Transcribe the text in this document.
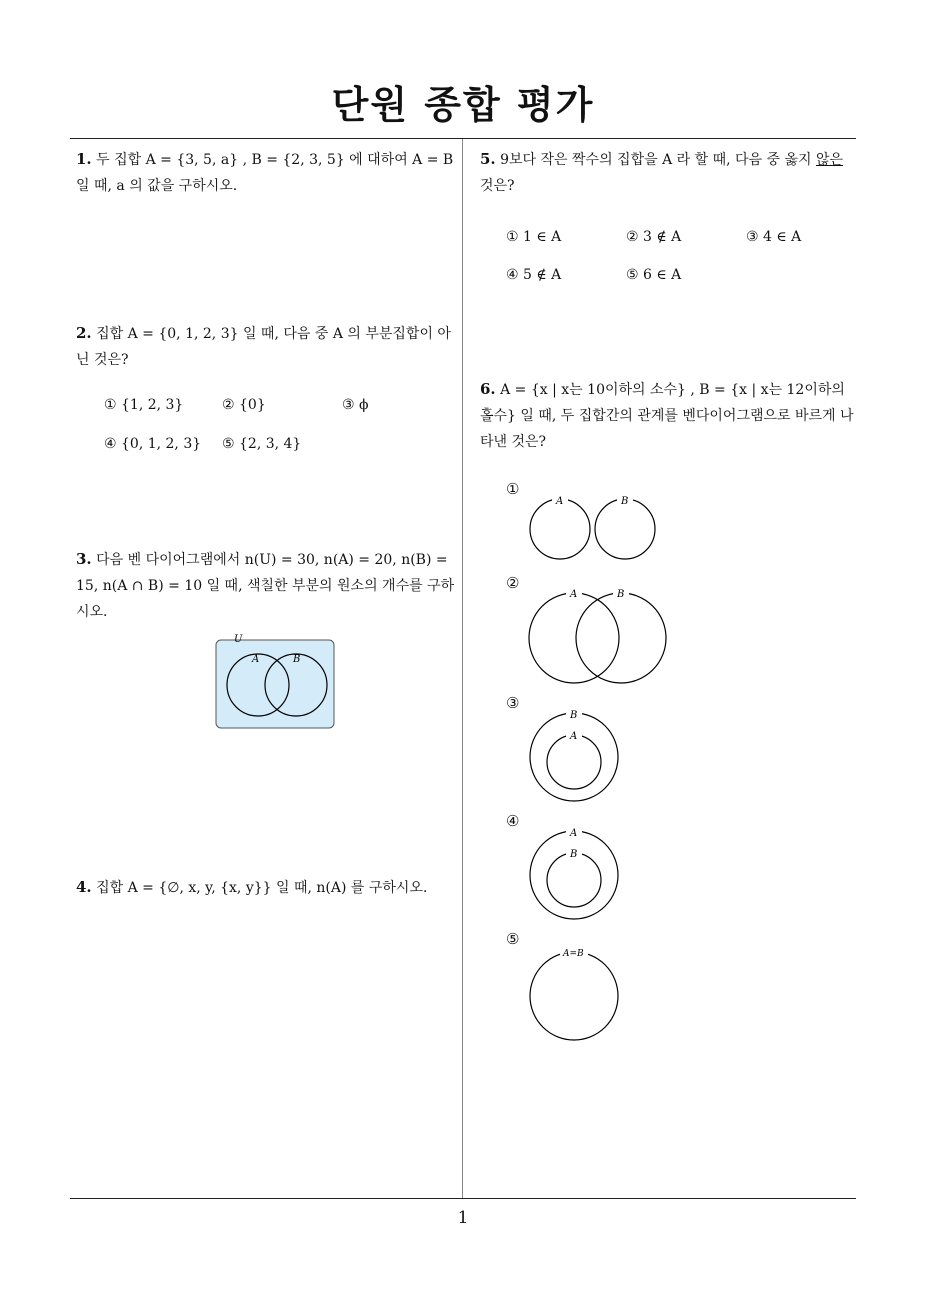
단원 종합 평가
1. 두 집합 A = {3, 5, a} , B = {2, 3, 5} 에 대하여 A = B 일 때, a 의 값을 구하시오.
2. 집합 A = {0, 1, 2, 3} 일 때, 다음 중 A 의 부분집합이 아닌 것은?
① {1, 2, 3}	② {0}	③ ϕ
④ {0, 1, 2, 3} ⑤ {2, 3, 4}
3. 다음 벤 다이어그램에서 n(U) = 30, n(A) = 20, n(B) = 15, n(A ∩ B) = 10 일 때, 색칠한 부분의 원소의 개수를 구하시오.
U
A	B
4. 집합 A = {∅, x, y, {x, y}} 일 때, n(A) 를 구하시오.
5. 9보다 작은 짝수의 집합을 A 라 할 때, 다음 중 옳지 않은 것은?
① 1 ∈ A	② 3 ∉ A	③ 4 ∈ A
④ 5 ∉ A	⑤ 6 ∈ A
6. A = {x | x는 10이하의 소수} , B = {x | x는 12이하의 홀수} 일 때, 두 집합간의 관계를 벤다이어그램으로 바르게 나타낸 것은?
①
A	B
②
A	B
③
B
A
④
A
B
⑤
A=B
1
